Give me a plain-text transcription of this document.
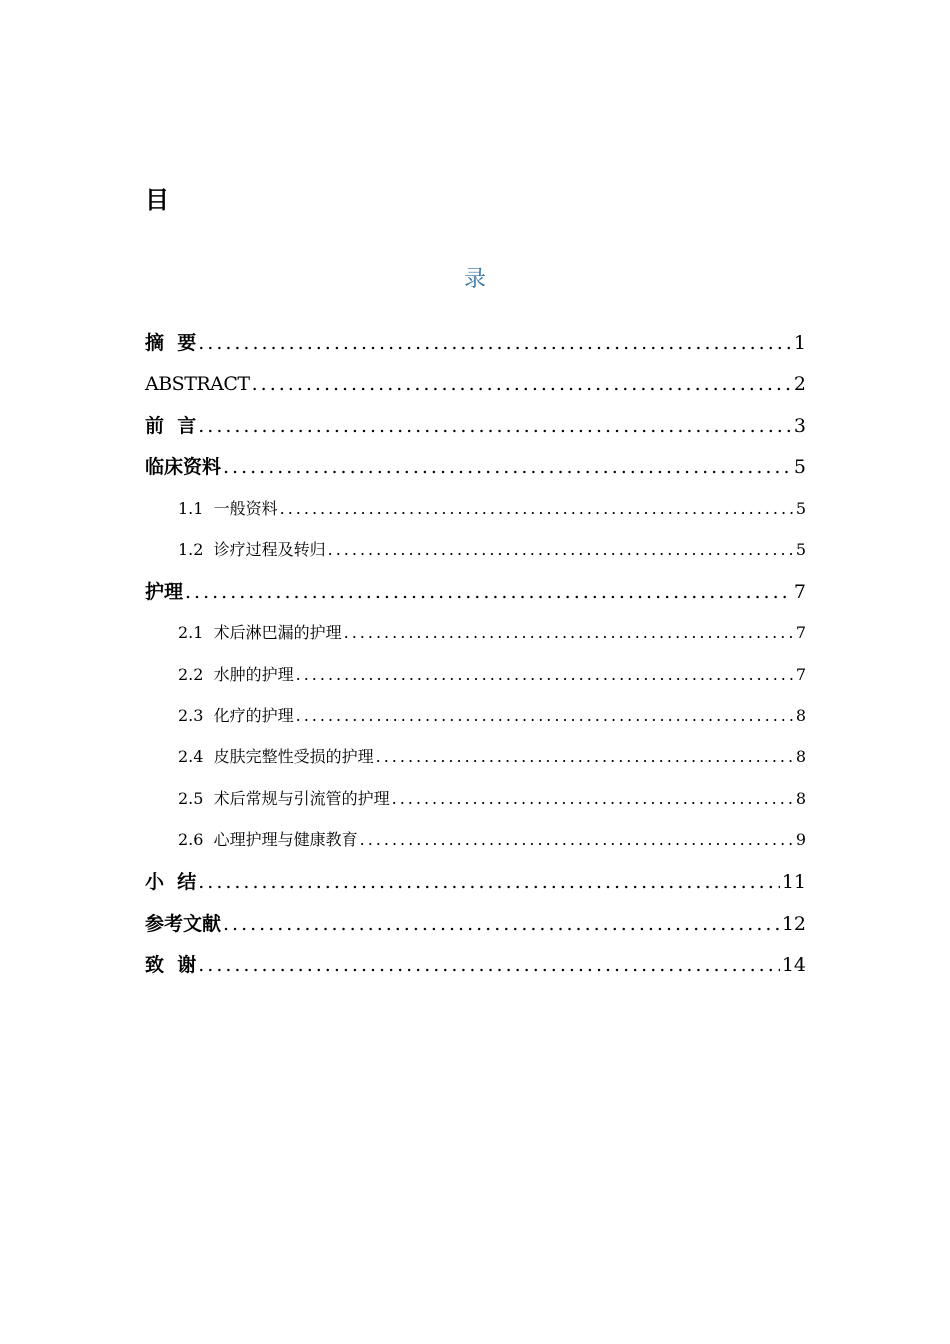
目
录
摘  要 .....	1
ABSTRACT .....	2
前  言 .....	3
临床资料 .....	5
1.1  一般资料 .....	5
1.2  诊疗过程及转归 .....	5
护理 .....	7
2.1  术后淋巴漏的护理 .....	7
2.2  水肿的护理 .....	7
2.3  化疗的护理 .....	8
2.4  皮肤完整性受损的护理 .....	8
2.5  术后常规与引流管的护理 .....	8
2.6  心理护理与健康教育 .....	9
小  结 .....	11
参考文献 .....	12
致  谢 .....	14
